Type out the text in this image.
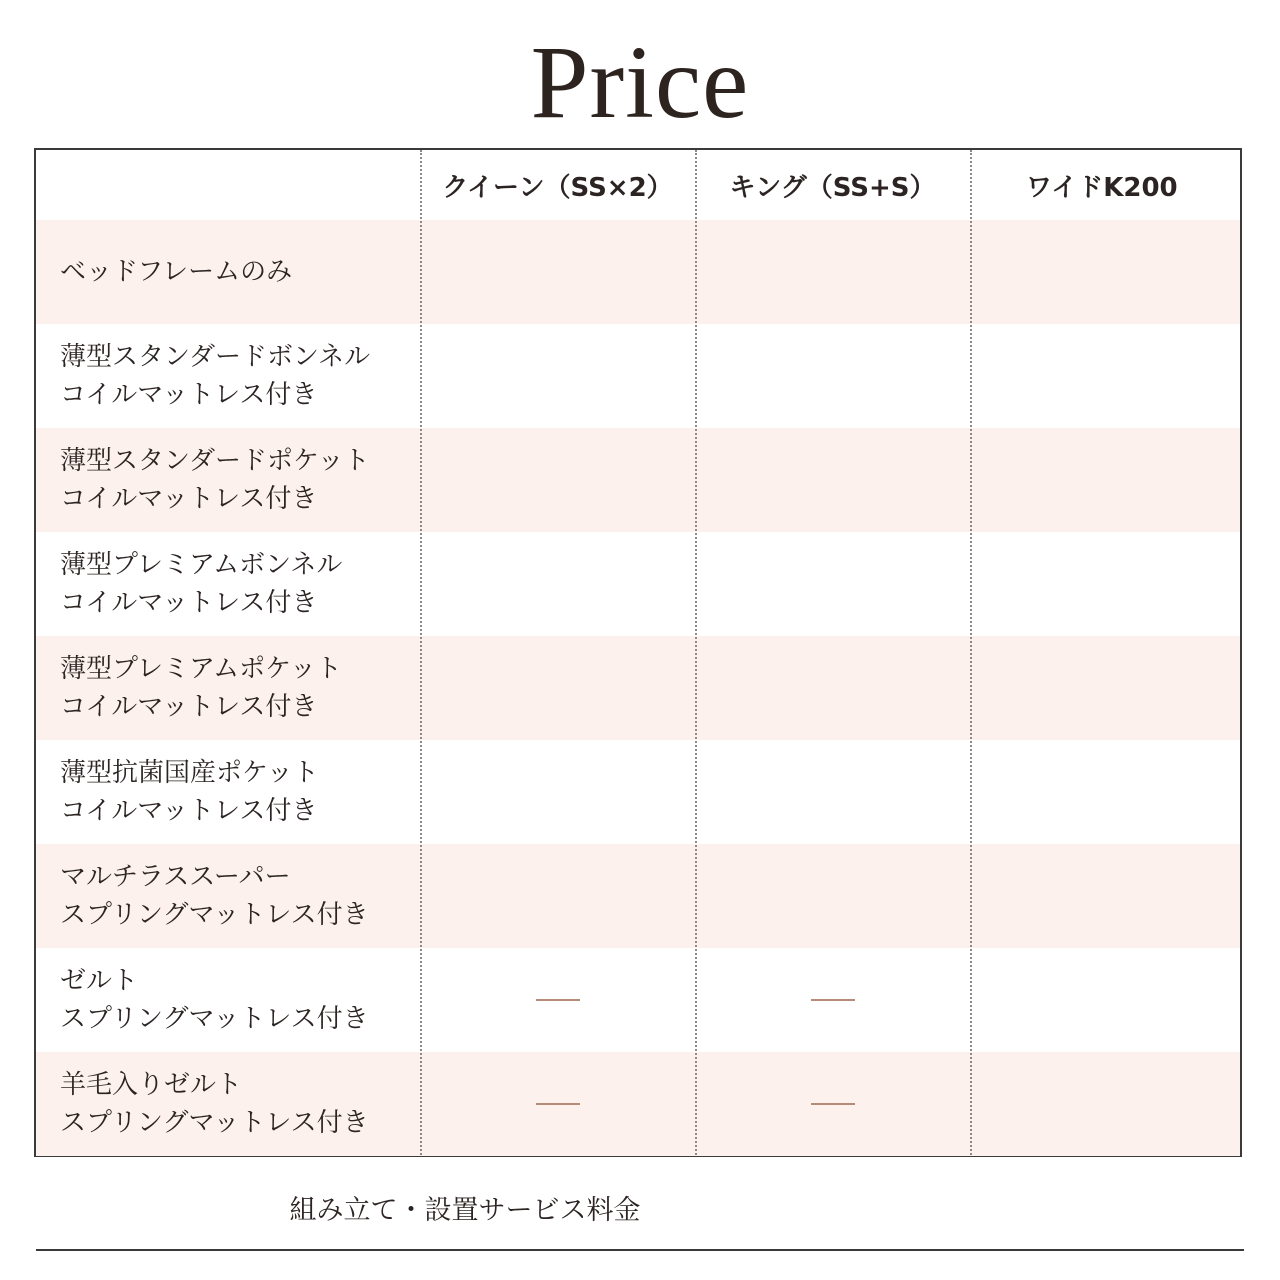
Price
クイーン（SS×2）	キング（SS+S）	ワイドK200
ベッドフレームのみ
薄型スタンダードボンネル
コイルマットレス付き
薄型スタンダードポケット
コイルマットレス付き
薄型プレミアムボンネル
コイルマットレス付き
薄型プレミアムポケット
コイルマットレス付き
薄型抗菌国産ポケット
コイルマットレス付き
マルチラススーパー
スプリングマットレス付き
ゼルト
スプリングマットレス付き
羊毛入りゼルト
スプリングマットレス付き
組み立て・設置サービス料金
